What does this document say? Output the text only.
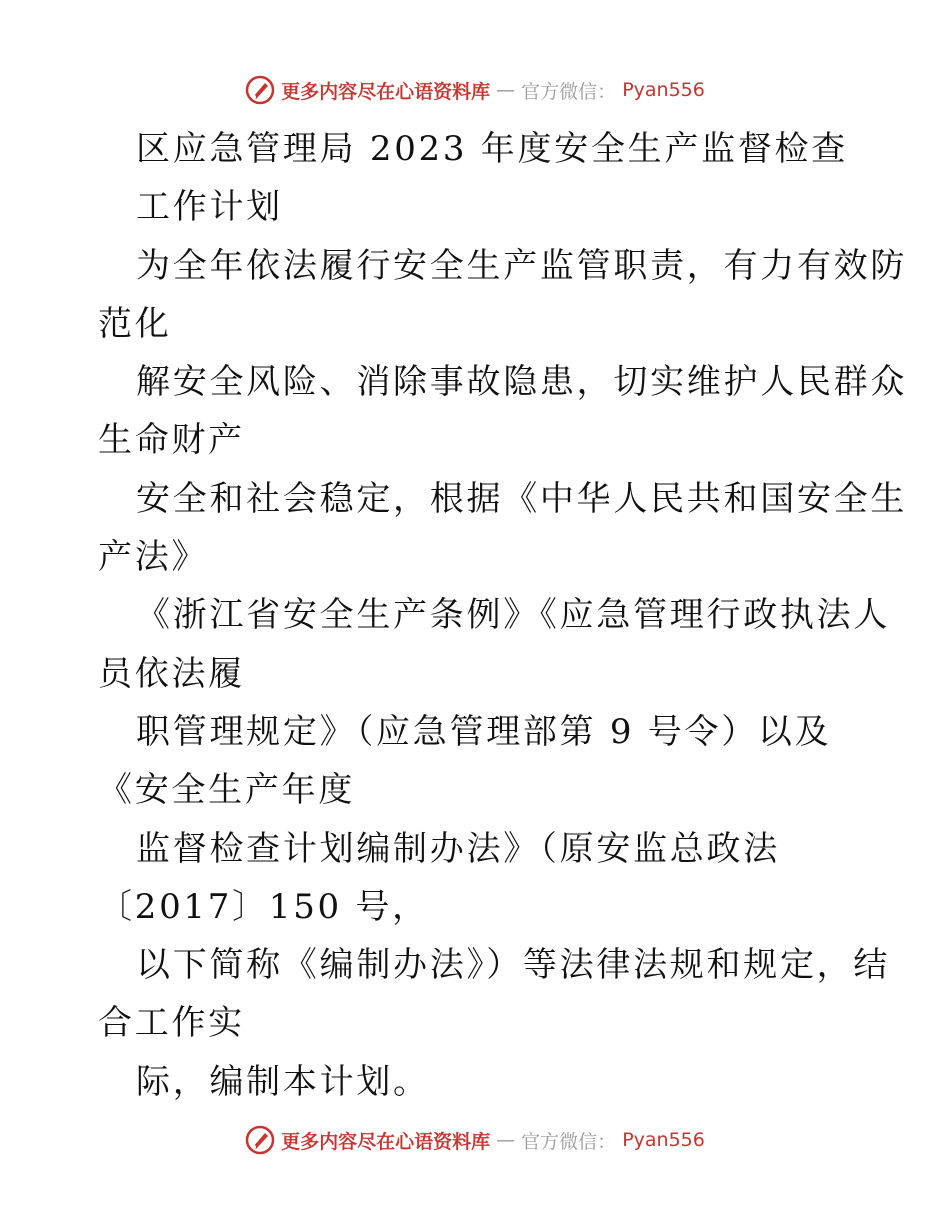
更多内容尽在心语资料库 — 官方微信： Pyan556
区应急管理局 2023 年度安全生产监督检查
工作计划
为全年依法履行安全生产监管职责，有力有效防
范化
解安全风险、消除事故隐患，切实维护人民群众
生命财产
安全和社会稳定，根据《中华人民共和国安全生
产法》
《浙江省安全生产条例》《应急管理行政执法人
员依法履
职管理规定》（应急管理部第 9 号令）以及
《安全生产年度
监督检查计划编制办法》（原安监总政法
〔2017〕150 号，
以下简称《编制办法》）等法律法规和规定，结
合工作实
际，编制本计划。
更多内容尽在心语资料库 — 官方微信： Pyan556
